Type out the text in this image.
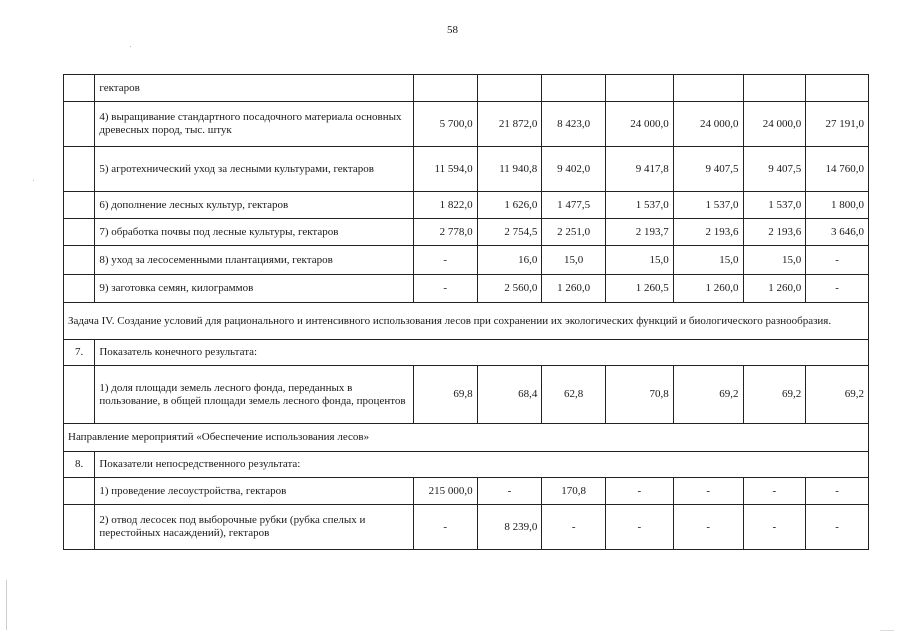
58
	гектаров							
	4) выращивание стандартного посадочного материала основных древесных пород, тыс. штук	5 700,0	21 872,0	8 423,0	24 000,0	24 000,0	24 000,0	27 191,0
	5) агротехнический уход за лесными культурами, гектаров	11 594,0	11 940,8	9 402,0	9 417,8	9 407,5	9 407,5	14 760,0
	6) дополнение лесных культур, гектаров	1 822,0	1 626,0	1 477,5	1 537,0	1 537,0	1 537,0	1 800,0
	7) обработка почвы под лесные культуры, гектаров	2 778,0	2 754,5	2 251,0	2 193,7	2 193,6	2 193,6	3 646,0
	8) уход за лесосеменными плантациями, гектаров	-	16,0	15,0	15,0	15,0	15,0	-
	9) заготовка семян, килограммов	-	2 560,0	1 260,0	1 260,5	1 260,0	1 260,0	-
Задача IV. Создание условий для рационального и интенсивного использования лесов при сохранении их экологических функций и биологического разнообразия.								
7.	Показатель конечного результата:							
	1) доля площади земель лесного фонда, переданных в пользование, в общей площади земель лесного фонда, процентов	69,8	68,4	62,8	70,8	69,2	69,2	69,2
Направление мероприятий «Обеспечение использования лесов»								
8.	Показатели непосредственного результата:							
	1) проведение лесоустройства, гектаров	215 000,0	-	170,8	-	-	-	-
	2) отвод лесосек под выборочные рубки (рубка спелых и перестойных насаждений), гектаров	-	8 239,0	-	-	-	-	-
